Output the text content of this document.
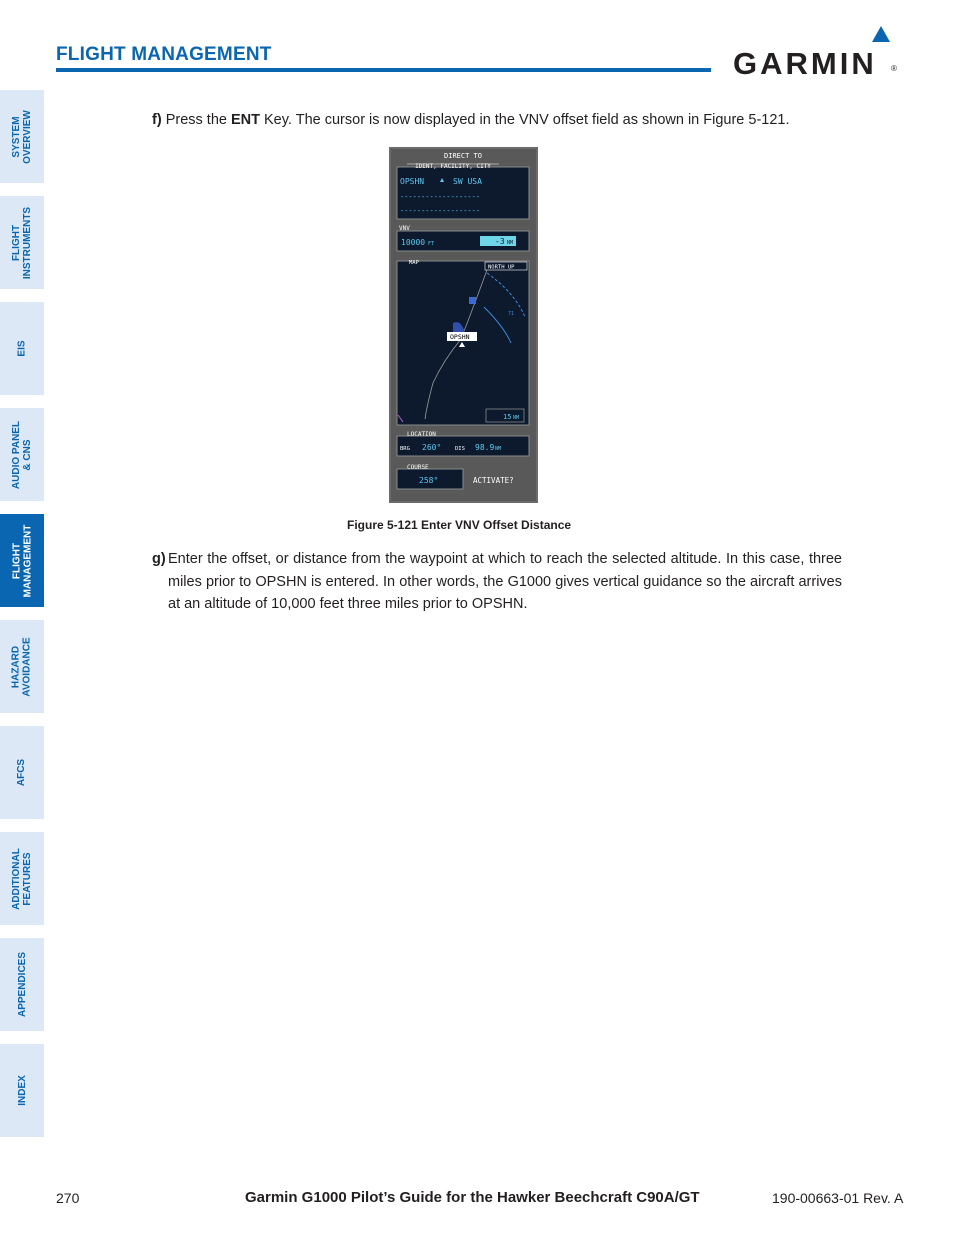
FLIGHT MANAGEMENT	GARMIN ®
SYSTEM
OVERVIEW
FLIGHT
INSTRUMENTS
EIS
AUDIO PANEL
& CNS
FLIGHT
MANAGEMENT
HAZARD
AVOIDANCE
AFCS
ADDITIONAL
FEATURES
APPENDICES
INDEX
f) Press the ENT Key. The cursor is now displayed in the VNV offset field as shown in Figure 5-121.
DIRECT TO
IDENT, FACILITY, CITY
OPSHN	SW USA
-------------------
-------------------
VNV
10000 FT	-3 NM
MAP
NORTH UP
71
OPSHN
15 NM
LOCATION
BRG 260° DIS 98.9 NM
COURSE
258°	ACTIVATE?
Figure 5-121 Enter VNV Offset Distance
g) Enter the offset, or distance from the waypoint at which to reach the selected altitude. In this case, three miles prior to OPSHN is entered. In other words, the G1000 gives vertical guidance so the aircraft arrives at an altitude of 10,000 feet three miles prior to OPSHN.
270	Garmin G1000 Pilot’s Guide for the Hawker Beechcraft C90A/GT	190-00663-01 Rev. A
